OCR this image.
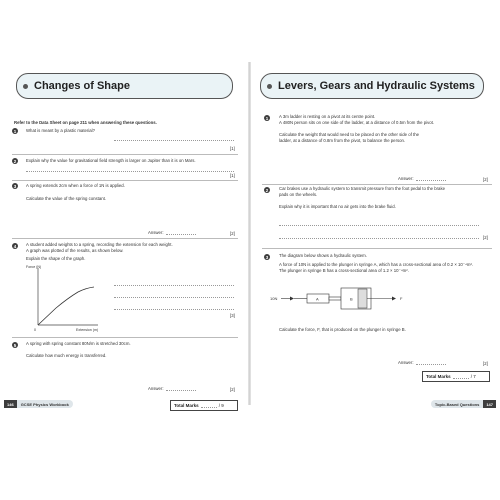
Changes of Shape
Refer to the Data Sheet on page 211 when answering these questions.
1	What is meant by a plastic material?
[1]
2	Explain why the value for gravitational field strength is larger on Jupiter than it is on Mars.
[1]
3	A spring extends 2cm when a force of 1N is applied.
Calculate the value of the spring constant.
Answer:	[2]
4	A student added weights to a spring, recording the extension for each weight.
A graph was plotted of the results, as shown below.
Explain the shape of the graph.
Force (N)
0	Extension (m)
[3]
5	A spring with spring constant 80N/m is stretched 30cm.
Calculate how much energy is transferred.
Answer:	[2]
Total Marks	/ 9
Levers, Gears and Hydraulic Systems
1	A 3m ladder is resting on a pivot at its centre point.
A 480N person sits on one side of the ladder, at a distance of 0.5m from the pivot.
Calculate the weight that would need to be placed on the other side of the
ladder, at a distance of 0.8m from the pivot, to balance the person.
Answer:	[2]
2	Car brakes use a hydraulic system to transmit pressure from the foot pedal to the brake
pads on the wheels.
Explain why it is important that no air gets into the brake fluid.
[2]
3	The diagram below shows a hydraulic system.
A force of 10N is applied to the plunger in syringe A, which has a cross-sectional area of 0.2 × 10⁻⁴m².
The plunger in syringe B has a cross-sectional area of 1.2 × 10⁻⁴m².
10N	A	B	F
Calculate the force, F, that is produced on the plunger in syringe B.
Answer:	[2]
Total Marks	/ 7
146	GCSE Physics Workbook	Topic-Based Questions	147
